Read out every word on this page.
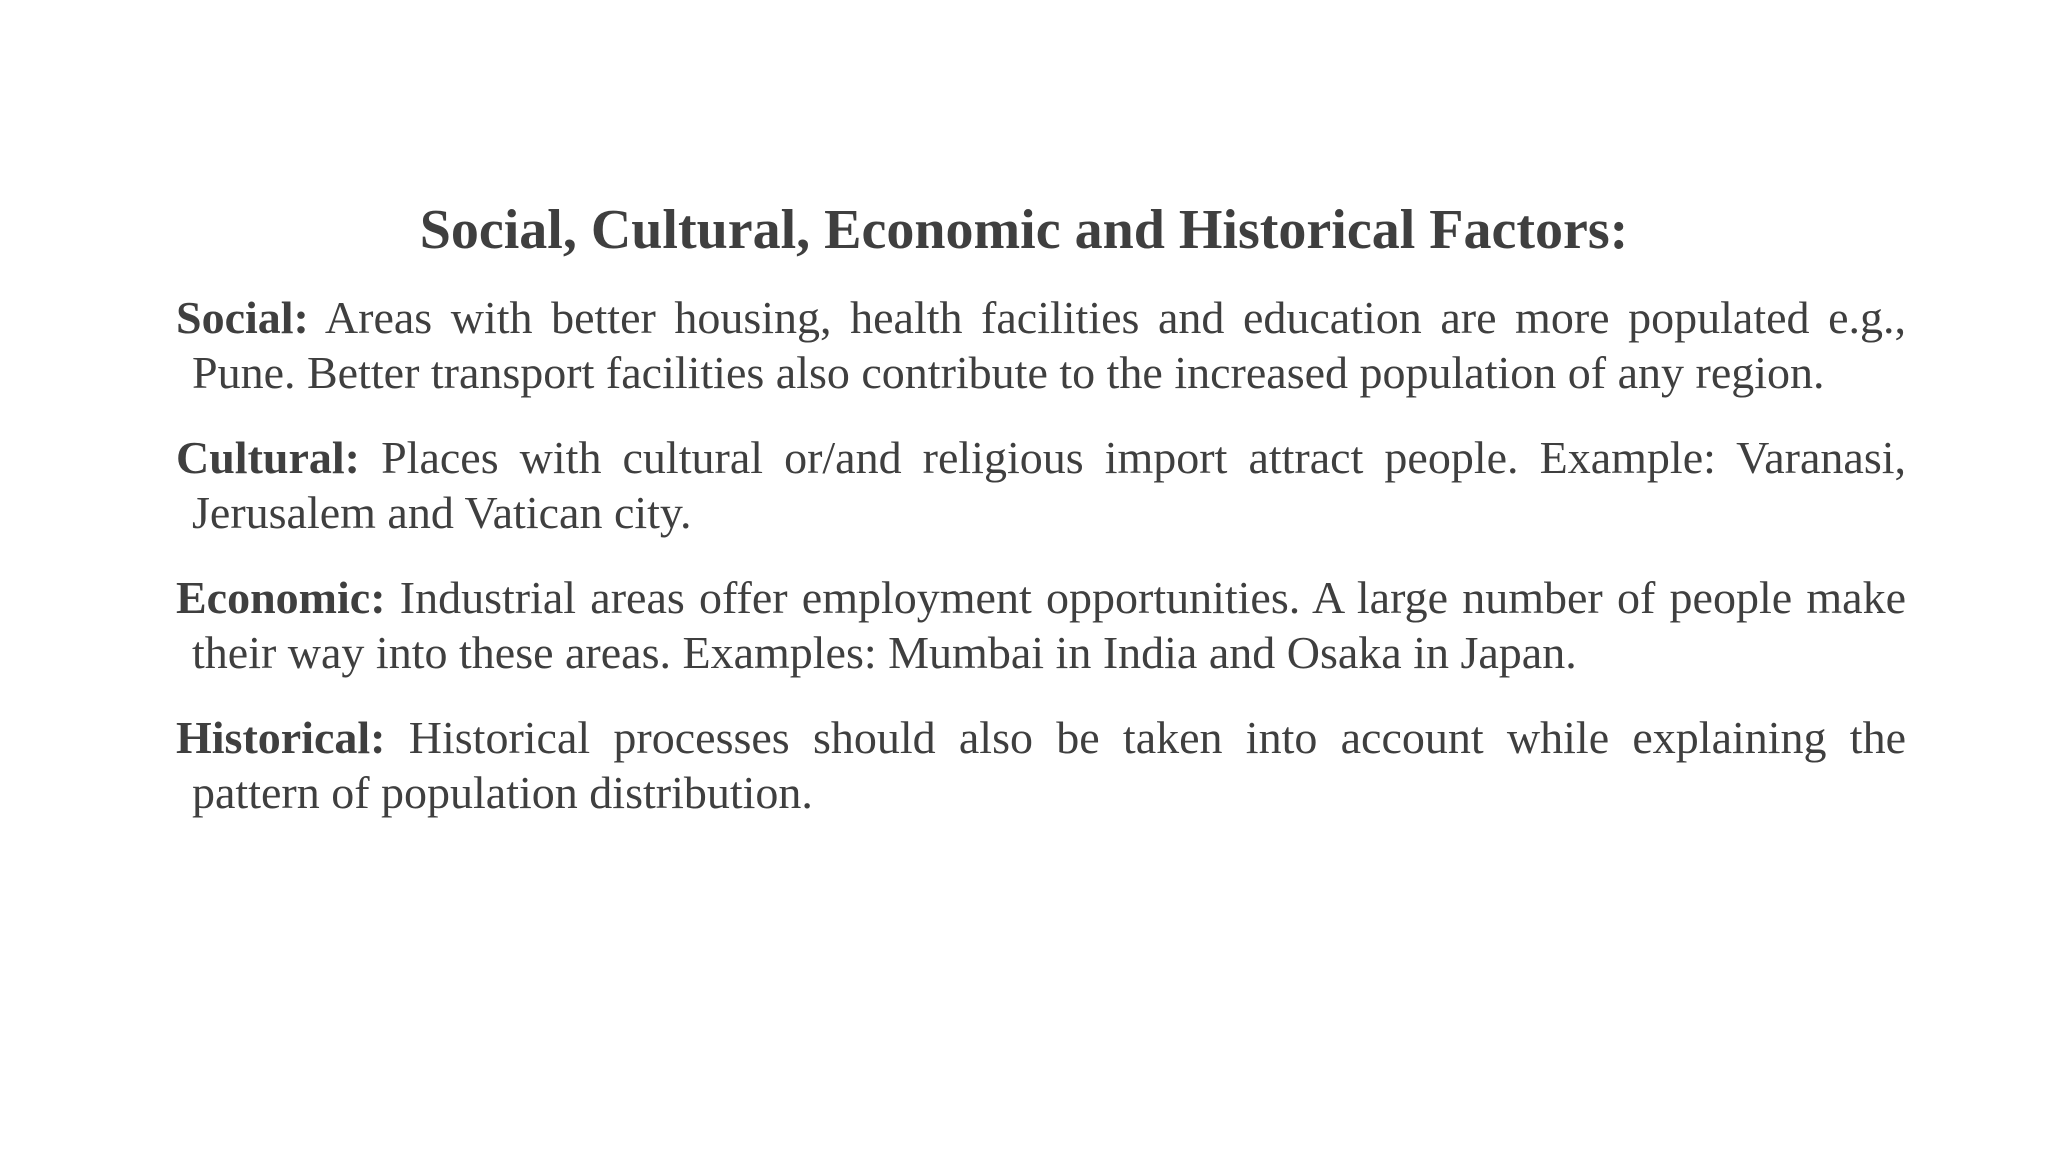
Social, Cultural, Economic and Historical Factors:

Social: Areas with better housing, health facilities and education are more populated e.g., Pune. Better transport facilities also contribute to the increased population of any region.

Cultural: Places with cultural or/and religious import attract people. Example: Varanasi, Jerusalem and Vatican city.

Economic: Industrial areas offer employment opportunities. A large number of people make their way into these areas. Examples: Mumbai in India and Osaka in Japan.

Historical: Historical processes should also be taken into account while explaining the pattern of population distribution.
